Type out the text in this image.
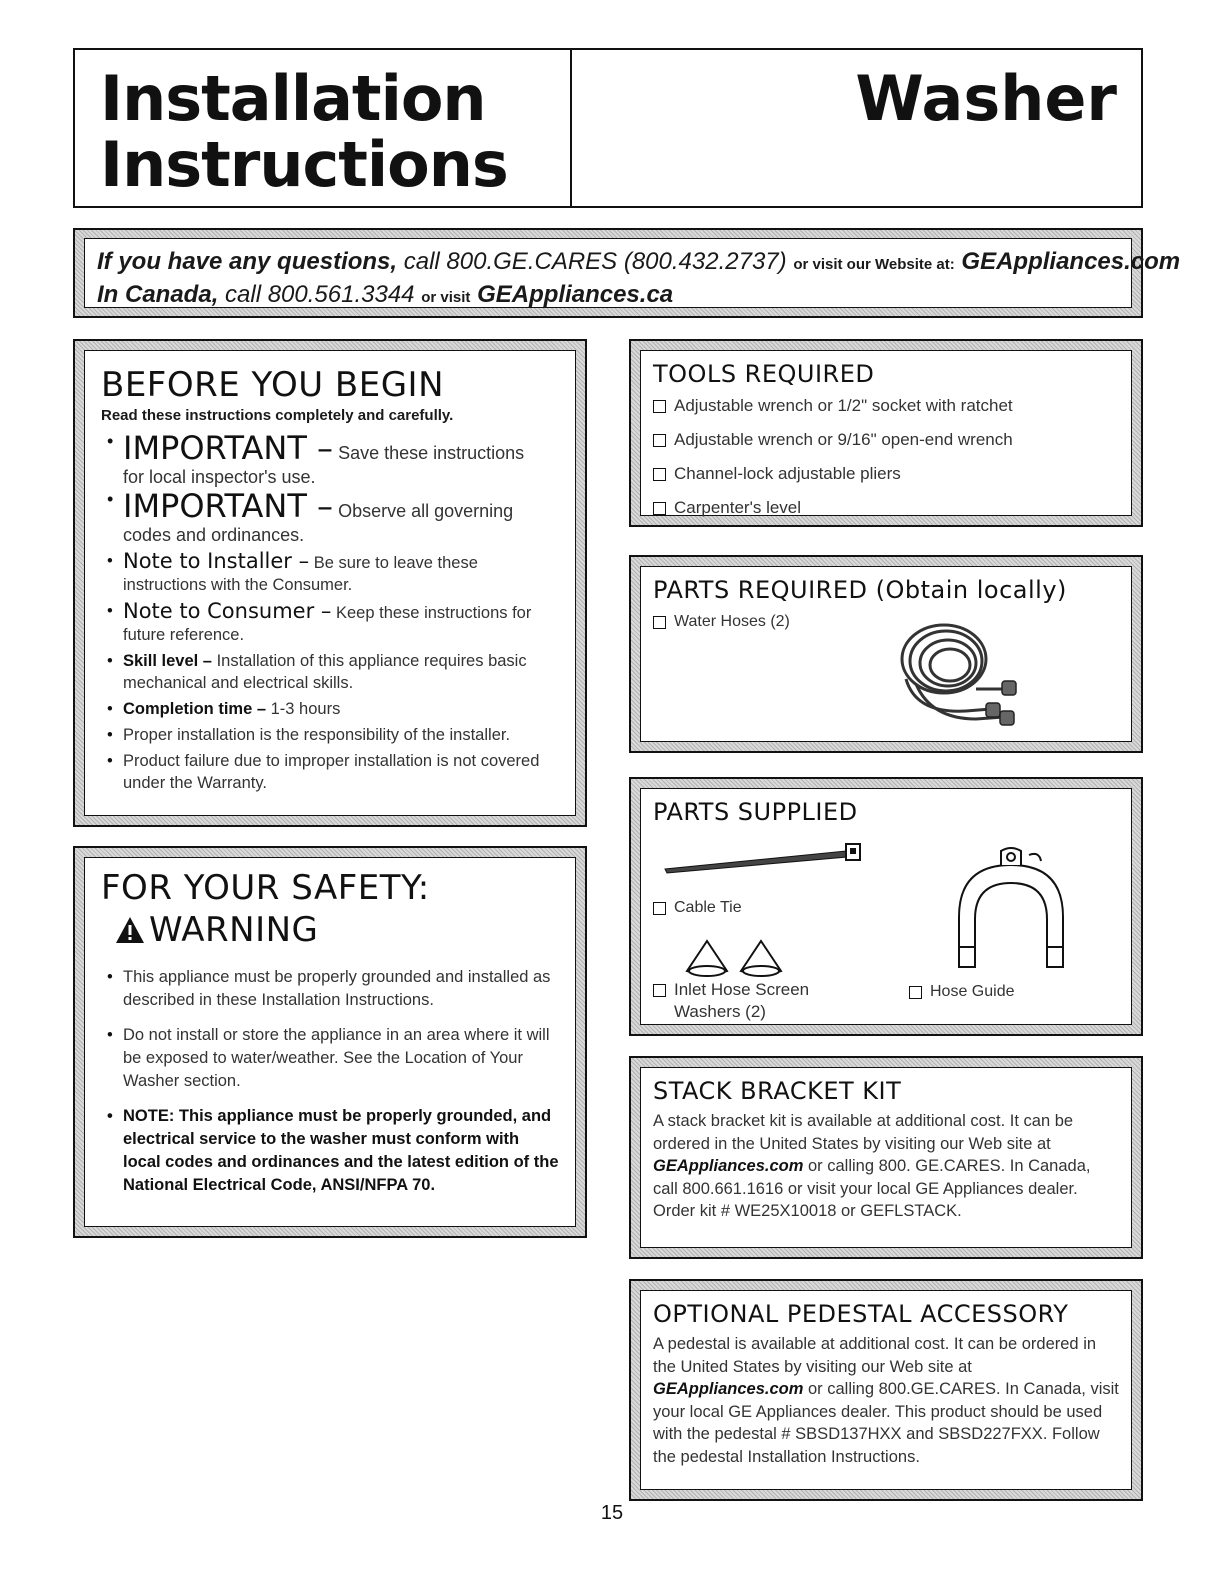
Installation
Instructions
Washer
If you have any questions, call 800.GE.CARES (800.432.2737) or visit our Website at: GEAppliances.com
In Canada, call 800.561.3344 or visit GEAppliances.ca
BEFORE YOU BEGIN
Read these instructions completely and carefully.
• IMPORTANT – Save these instructions
for local inspector's use.
• IMPORTANT – Observe all governing
codes and ordinances.
• Note to Installer – Be sure to leave these instructions with the Consumer.
• Note to Consumer – Keep these instructions for future reference.
• Skill level – Installation of this appliance requires basic mechanical and electrical skills.
• Completion time – 1-3 hours
• Proper installation is the responsibility of the installer.
• Product failure due to improper installation is not covered under the Warranty.
FOR YOUR SAFETY:
WARNING
• This appliance must be properly grounded and installed as described in these Installation Instructions.
• Do not install or store the appliance in an area where it will be exposed to water/weather. See the Location of Your Washer section.
• NOTE: This appliance must be properly grounded, and electrical service to the washer must conform with local codes and ordinances and the latest edition of the National Electrical Code, ANSI/NFPA 70.
TOOLS REQUIRED
Adjustable wrench or 1/2" socket with ratchet
Adjustable wrench or 9/16" open-end wrench
Channel-lock adjustable pliers
Carpenter's level
PARTS REQUIRED (Obtain locally)
Water Hoses (2)
PARTS SUPPLIED
Cable Tie
Inlet Hose Screen
Washers (2)
Hose Guide
STACK BRACKET KIT
A stack bracket kit is available at additional cost. It can be ordered in the United States by visiting our Web site at GEAppliances.com or calling 800. GE.CARES. In Canada, call 800.661.1616 or visit your local GE Appliances dealer. Order kit # WE25X10018 or GEFLSTACK.
OPTIONAL PEDESTAL ACCESSORY
A pedestal is available at additional cost. It can be ordered in the United States by visiting our Web site at GEAppliances.com or calling 800.GE.CARES. In Canada, visit your local GE Appliances dealer. This product should be used with the pedestal # SBSD137HXX and SBSD227FXX. Follow the pedestal Installation Instructions.
15
